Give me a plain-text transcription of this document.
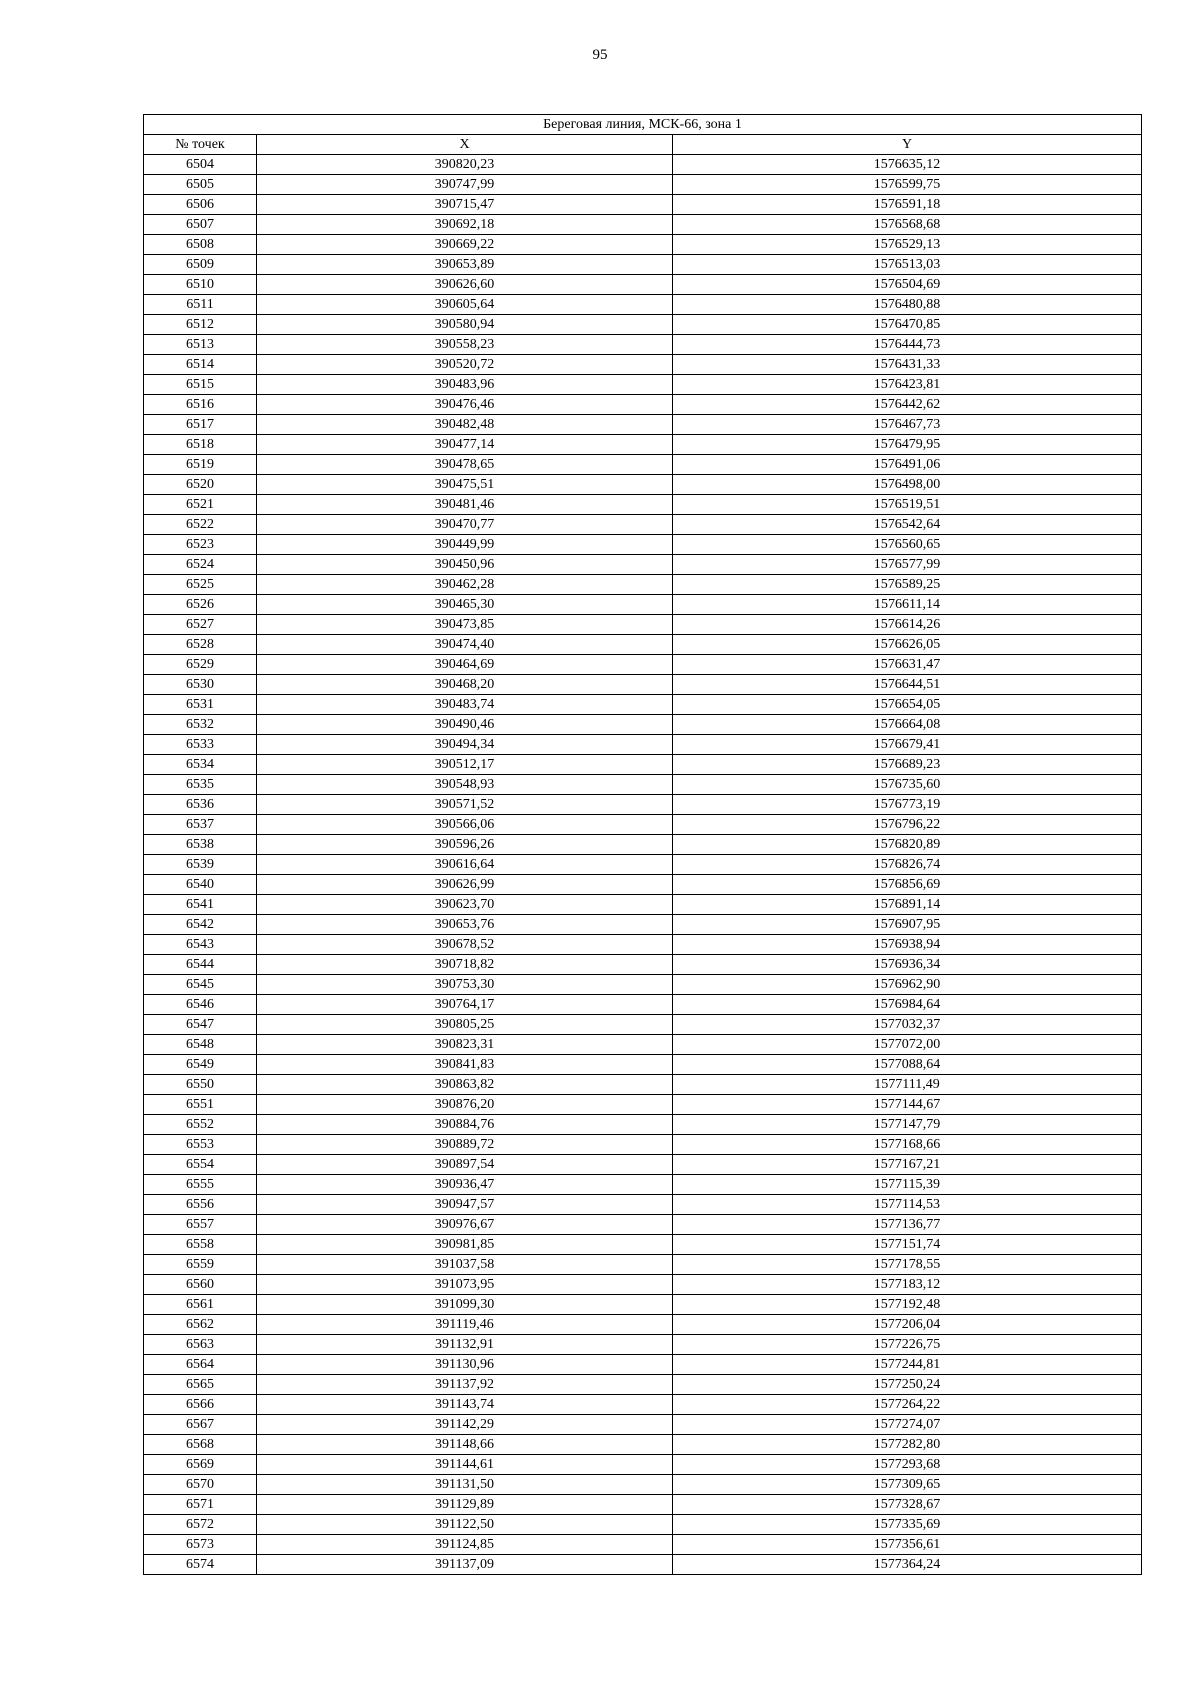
95
Береговая линия, МСК-66, зона 1		
№ точек	X	Y
6504	390820,23	1576635,12
6505	390747,99	1576599,75
6506	390715,47	1576591,18
6507	390692,18	1576568,68
6508	390669,22	1576529,13
6509	390653,89	1576513,03
6510	390626,60	1576504,69
6511	390605,64	1576480,88
6512	390580,94	1576470,85
6513	390558,23	1576444,73
6514	390520,72	1576431,33
6515	390483,96	1576423,81
6516	390476,46	1576442,62
6517	390482,48	1576467,73
6518	390477,14	1576479,95
6519	390478,65	1576491,06
6520	390475,51	1576498,00
6521	390481,46	1576519,51
6522	390470,77	1576542,64
6523	390449,99	1576560,65
6524	390450,96	1576577,99
6525	390462,28	1576589,25
6526	390465,30	1576611,14
6527	390473,85	1576614,26
6528	390474,40	1576626,05
6529	390464,69	1576631,47
6530	390468,20	1576644,51
6531	390483,74	1576654,05
6532	390490,46	1576664,08
6533	390494,34	1576679,41
6534	390512,17	1576689,23
6535	390548,93	1576735,60
6536	390571,52	1576773,19
6537	390566,06	1576796,22
6538	390596,26	1576820,89
6539	390616,64	1576826,74
6540	390626,99	1576856,69
6541	390623,70	1576891,14
6542	390653,76	1576907,95
6543	390678,52	1576938,94
6544	390718,82	1576936,34
6545	390753,30	1576962,90
6546	390764,17	1576984,64
6547	390805,25	1577032,37
6548	390823,31	1577072,00
6549	390841,83	1577088,64
6550	390863,82	1577111,49
6551	390876,20	1577144,67
6552	390884,76	1577147,79
6553	390889,72	1577168,66
6554	390897,54	1577167,21
6555	390936,47	1577115,39
6556	390947,57	1577114,53
6557	390976,67	1577136,77
6558	390981,85	1577151,74
6559	391037,58	1577178,55
6560	391073,95	1577183,12
6561	391099,30	1577192,48
6562	391119,46	1577206,04
6563	391132,91	1577226,75
6564	391130,96	1577244,81
6565	391137,92	1577250,24
6566	391143,74	1577264,22
6567	391142,29	1577274,07
6568	391148,66	1577282,80
6569	391144,61	1577293,68
6570	391131,50	1577309,65
6571	391129,89	1577328,67
6572	391122,50	1577335,69
6573	391124,85	1577356,61
6574	391137,09	1577364,24
